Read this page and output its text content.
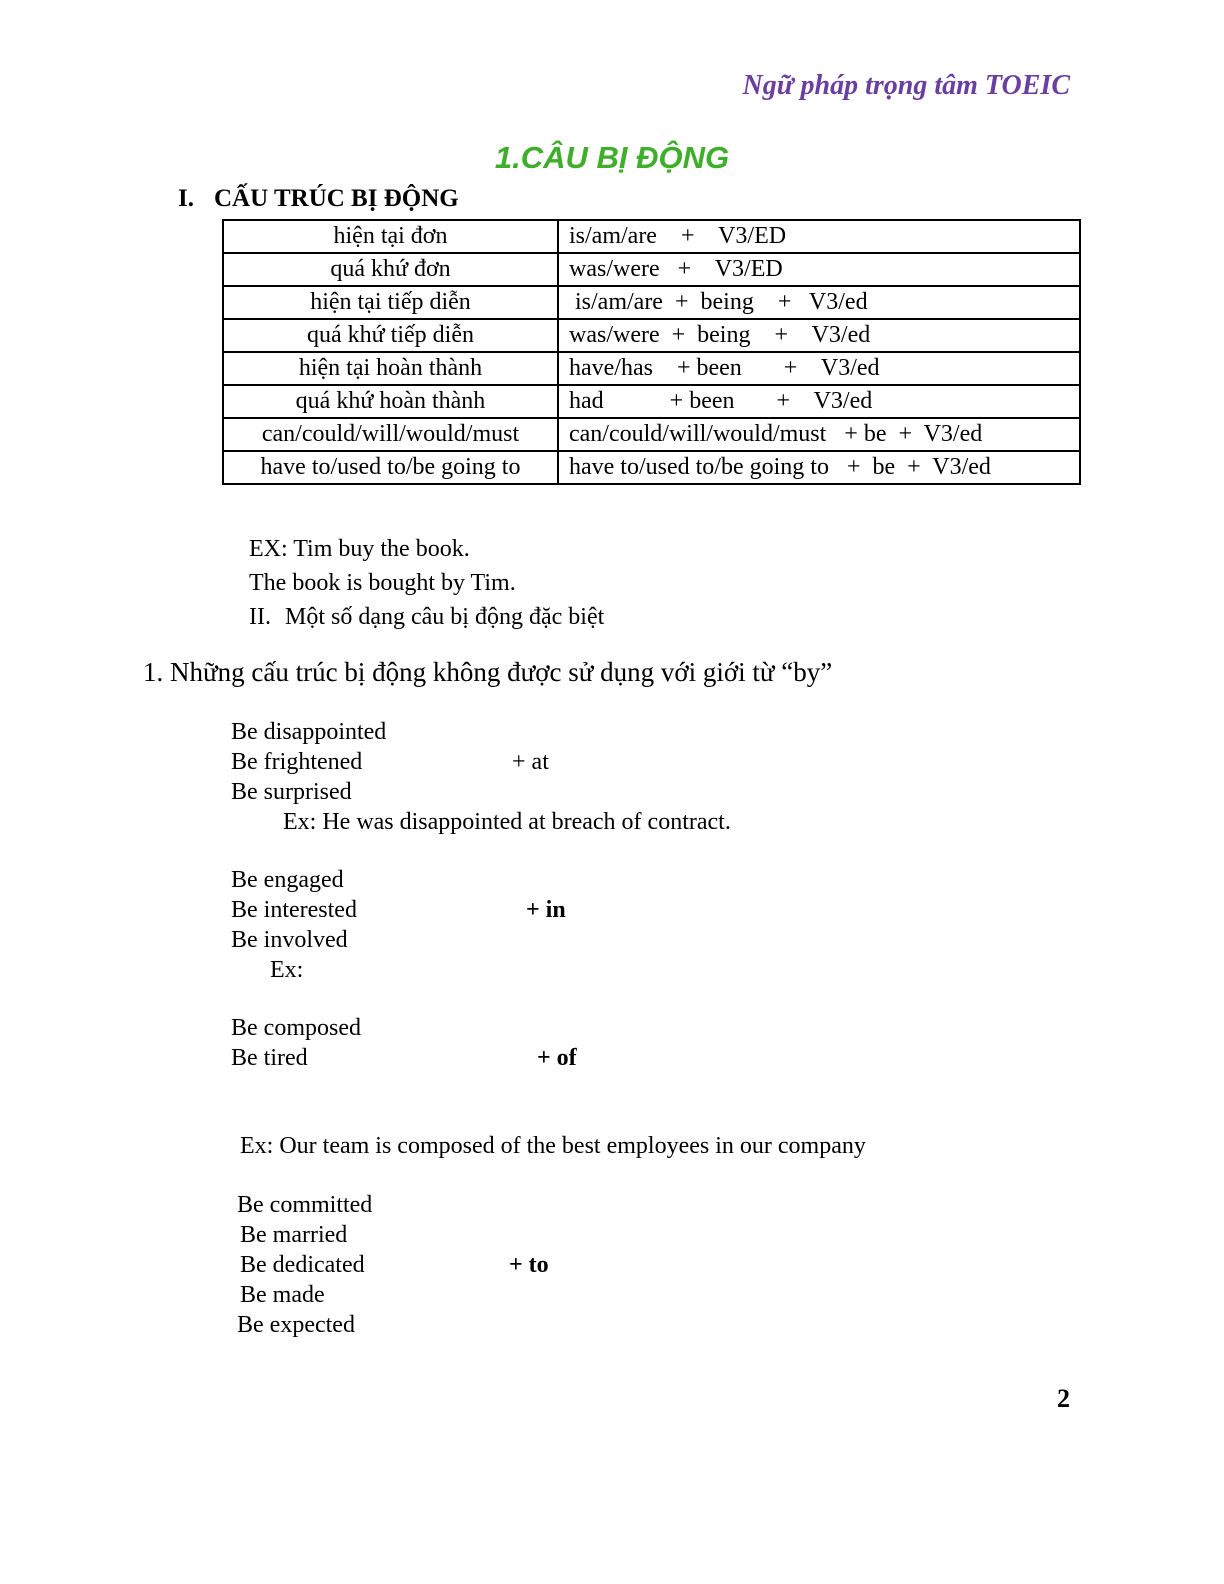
Ngữ pháp trọng tâm TOEIC
1.CÂU BỊ ĐỘNG
I. CẤU TRÚC BỊ ĐỘNG
hiện tại đơn	is/am/are    +    V3/ED
quá khứ đơn	was/were   +    V3/ED
hiện tại tiếp diễn	is/am/are  +  being    +   V3/ed
quá khứ tiếp diễn	was/were  +  being    +    V3/ed
hiện tại hoàn thành	have/has    + been       +    V3/ed
quá khứ hoàn thành	had           + been       +    V3/ed
can/could/will/would/must	can/could/will/would/must   + be  +  V3/ed
have to/used to/be going to	have to/used to/be going to   +  be  +  V3/ed
EX: Tim buy the book.
The book is bought by Tim.
II. Một số dạng câu bị động đặc biệt
1. Những cấu trúc bị động không được sử dụng với giới từ “by”
Be disappointed
Be frightened
Be surprised
+ at
Ex: He was disappointed at breach of contract.
Be engaged
Be interested
Be involved
+ in
Ex:
Be composed
Be tired	+ of
Ex: Our team is composed of the best employees in our company
Be committed
Be married
Be dedicated
Be made
Be expected
+ to
2
